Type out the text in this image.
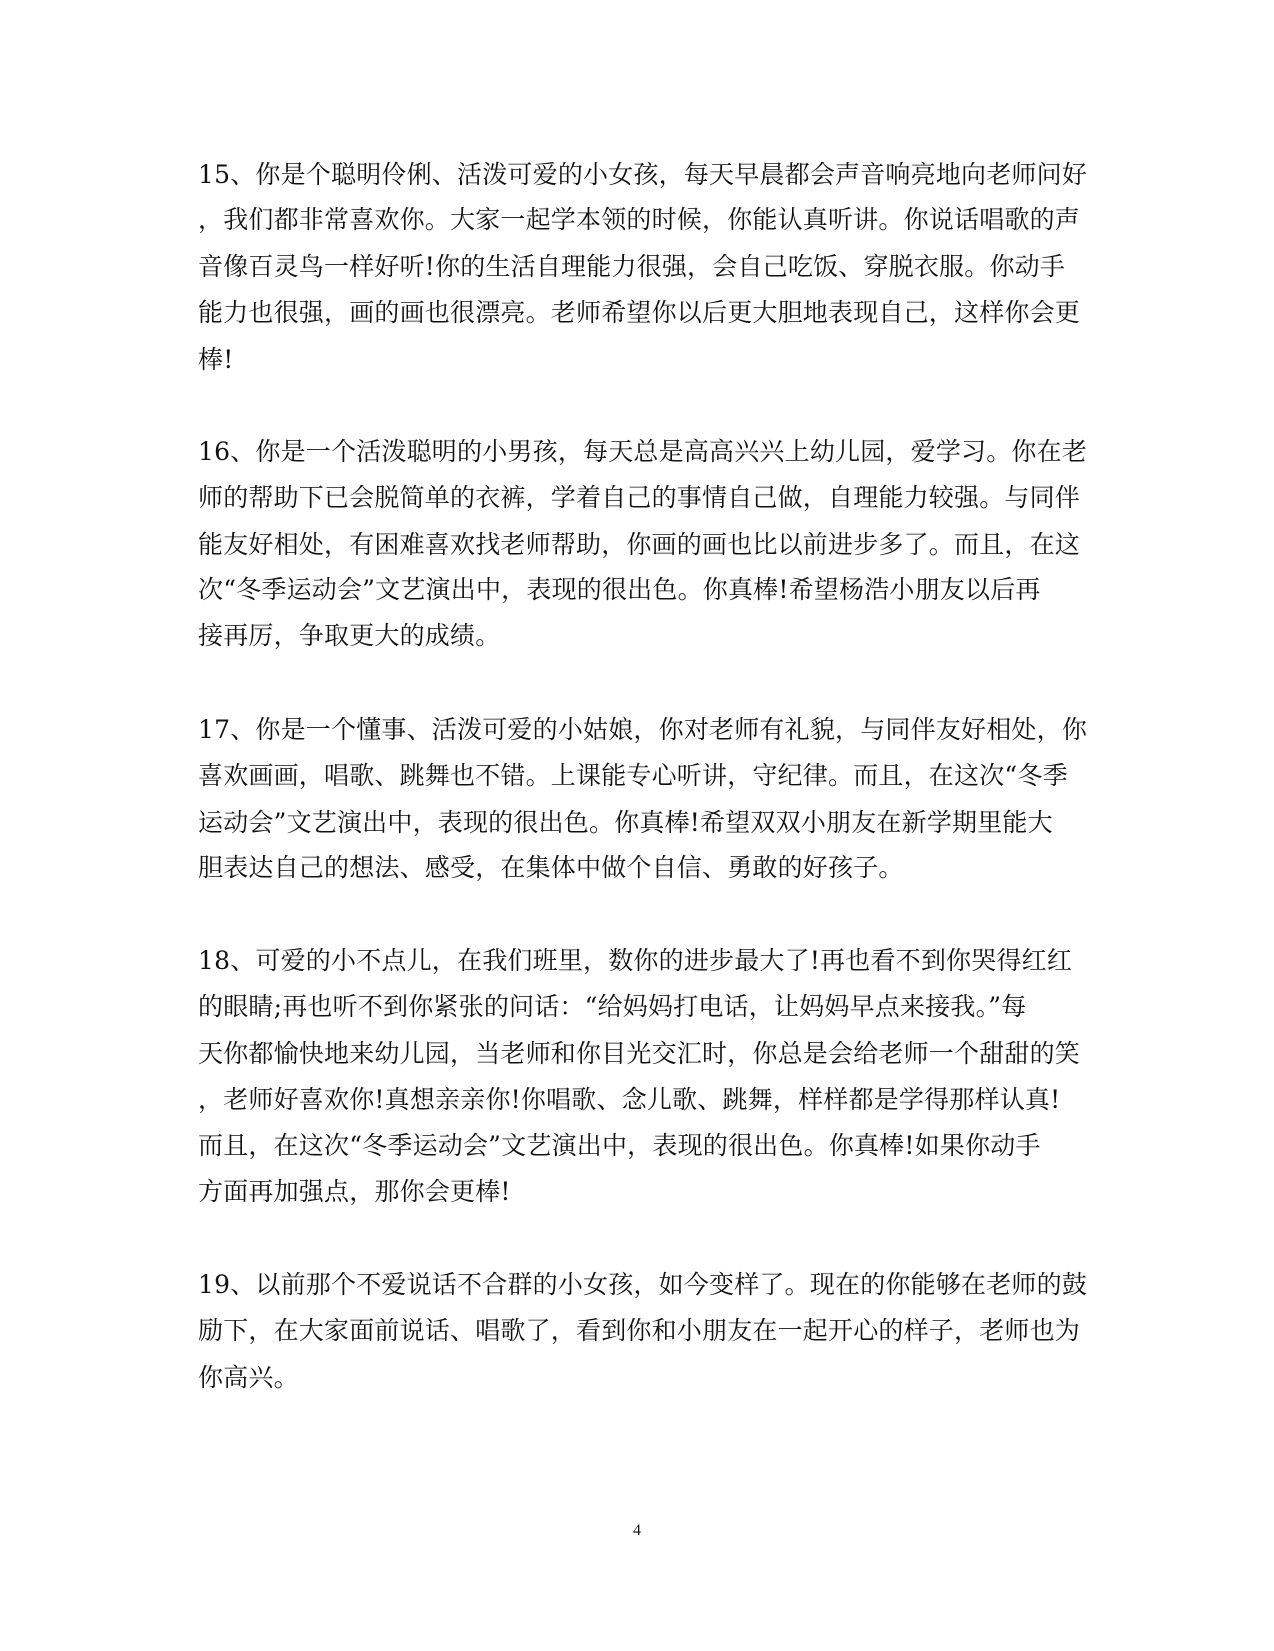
15、你是个聪明伶俐、活泼可爱的小女孩，每天早晨都会声音响亮地向老师问好
，我们都非常喜欢你。大家一起学本领的时候，你能认真听讲。你说话唱歌的声
音像百灵鸟一样好听!你的生活自理能力很强，会自己吃饭、穿脱衣服。你动手
能力也很强，画的画也很漂亮。老师希望你以后更大胆地表现自己，这样你会更
棒!
16、你是一个活泼聪明的小男孩，每天总是高高兴兴上幼儿园，爱学习。你在老
师的帮助下已会脱简单的衣裤，学着自己的事情自己做，自理能力较强。与同伴
能友好相处，有困难喜欢找老师帮助，你画的画也比以前进步多了。而且，在这
次“冬季运动会”文艺演出中，表现的很出色。你真棒!希望杨浩小朋友以后再
接再厉，争取更大的成绩。
17、你是一个懂事、活泼可爱的小姑娘，你对老师有礼貌，与同伴友好相处，你
喜欢画画，唱歌、跳舞也不错。上课能专心听讲，守纪律。而且，在这次“冬季
运动会”文艺演出中，表现的很出色。你真棒!希望双双小朋友在新学期里能大
胆表达自己的想法、感受，在集体中做个自信、勇敢的好孩子。
18、可爱的小不点儿，在我们班里，数你的进步最大了!再也看不到你哭得红红
的眼睛;再也听不到你紧张的问话：“给妈妈打电话，让妈妈早点来接我。”每
天你都愉快地来幼儿园，当老师和你目光交汇时，你总是会给老师一个甜甜的笑
，老师好喜欢你!真想亲亲你!你唱歌、念儿歌、跳舞，样样都是学得那样认真!
而且，在这次“冬季运动会”文艺演出中，表现的很出色。你真棒!如果你动手
方面再加强点，那你会更棒!
19、以前那个不爱说话不合群的小女孩，如今变样了。现在的你能够在老师的鼓
励下，在大家面前说话、唱歌了，看到你和小朋友在一起开心的样子，老师也为
你高兴。
4
